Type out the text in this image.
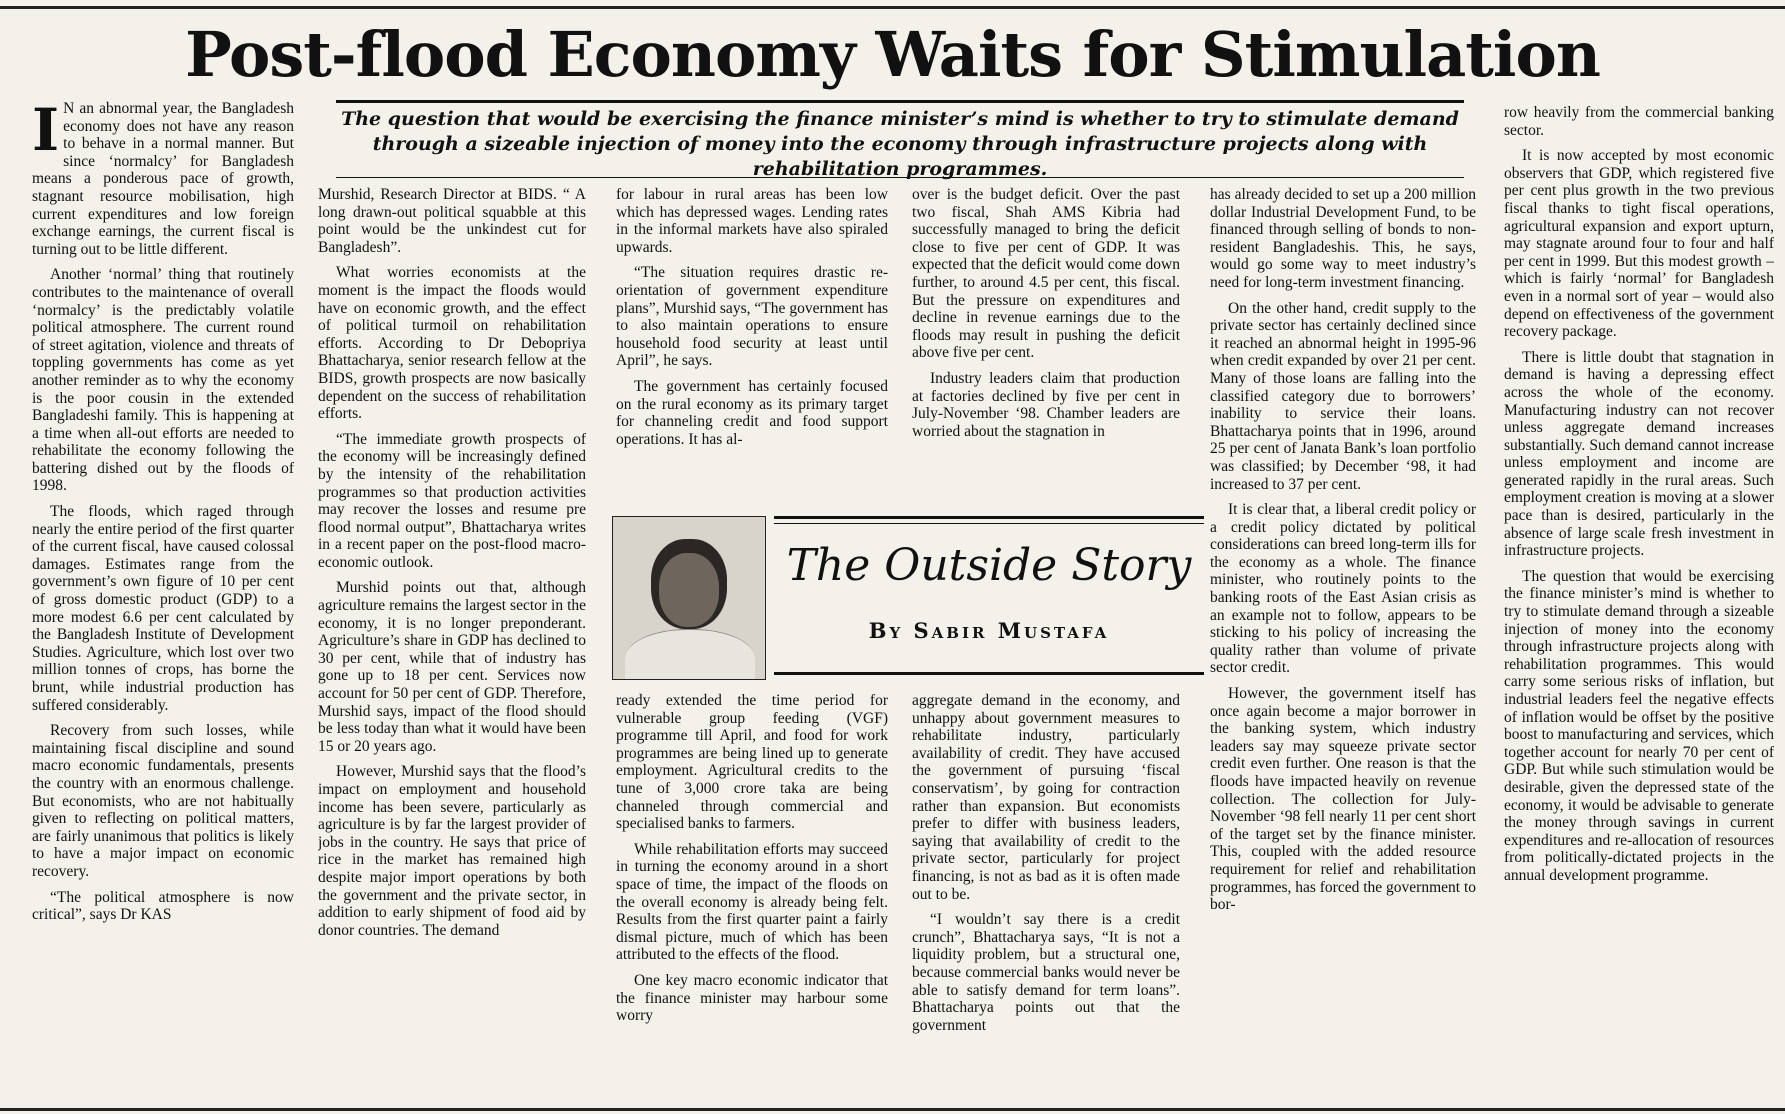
Post-flood Economy Waits for Stimulation

I N an abnormal year, the Bangladesh economy does not have any reason to behave in a normal manner. But since ‘normalcy’ for Bangladesh means a ponderous pace of growth, stagnant resource mobilisation, high current expenditures and low foreign exchange earnings, the current fiscal is turning out to be little different.

Another ‘normal’ thing that routinely contributes to the maintenance of overall ‘normalcy’ is the predictably volatile political atmosphere. The current round of street agitation, violence and threats of toppling governments has come as yet another reminder as to why the economy is the poor cousin in the extended Bangladeshi family. This is happening at a time when all-out efforts are needed to rehabilitate the economy following the battering dished out by the floods of 1998.

The floods, which raged through nearly the entire period of the first quarter of the current fiscal, have caused colossal damages. Estimates range from the government’s own figure of 10 per cent of gross domestic product (GDP) to a more modest 6.6 per cent calculated by the Bangladesh Institute of Development Studies. Agriculture, which lost over two million tonnes of crops, has borne the brunt, while industrial production has suffered considerably.

Recovery from such losses, while maintaining fiscal discipline and sound macro economic fundamentals, presents the country with an enormous challenge. But economists, who are not habitually given to reflecting on political matters, are fairly unanimous that politics is likely to have a major impact on economic recovery.

“The political atmosphere is now critical”, says Dr KAS

The question that would be exercising the finance minister’s mind is whether to try to stimulate demand through a sizeable injection of money into the economy through infrastructure projects along with rehabilitation programmes.

Murshid, Research Director at BIDS. “ A long drawn-out political squabble at this point would be the unkindest cut for Bangladesh”.

What worries economists at the moment is the impact the floods would have on economic growth, and the effect of political turmoil on rehabilitation efforts. According to Dr Debopriya Bhattacharya, senior research fellow at the BIDS, growth prospects are now basically dependent on the success of rehabilitation efforts.

“The immediate growth prospects of the economy will be increasingly defined by the intensity of the rehabilitation programmes so that production activities may recover the losses and resume pre flood normal output”, Bhattacharya writes in a recent paper on the post-flood macro-economic outlook.

Murshid points out that, although agriculture remains the largest sector in the economy, it is no longer preponderant. Agriculture’s share in GDP has declined to 30 per cent, while that of industry has gone up to 18 per cent. Services now account for 50 per cent of GDP. Therefore, Murshid says, impact of the flood should be less today than what it would have been 15 or 20 years ago.

However, Murshid says that the flood’s impact on employment and household income has been severe, particularly as agriculture is by far the largest provider of jobs in the country. He says that price of rice in the market has remained high despite major import operations by both the government and the private sector, in addition to early shipment of food aid by donor countries. The demand

for labour in rural areas has been low which has depressed wages. Lending rates in the informal markets have also spiraled upwards.

“The situation requires drastic re-orientation of government expenditure plans”, Murshid says, “The government has to also maintain operations to ensure household food security at least until April”, he says.

The government has certainly focused on the rural economy as its primary target for channeling credit and food support operations. It has al-

over is the budget deficit. Over the past two fiscal, Shah AMS Kibria had successfully managed to bring the deficit close to five per cent of GDP. It was expected that the deficit would come down further, to around 4.5 per cent, this fiscal. But the pressure on expenditures and decline in revenue earnings due to the floods may result in pushing the deficit above five per cent.

Industry leaders claim that production at factories declined by five per cent in July-November ‘98. Chamber leaders are worried about the stagnation in

The Outside Story
By Sabir Mustafa

ready extended the time period for vulnerable group feeding (VGF) programme till April, and food for work programmes are being lined up to generate employment. Agricultural credits to the tune of 3,000 crore taka are being channeled through commercial and specialised banks to farmers.

While rehabilitation efforts may succeed in turning the economy around in a short space of time, the impact of the floods on the overall economy is already being felt. Results from the first quarter paint a fairly dismal picture, much of which has been attributed to the effects of the flood.

One key macro economic indicator that the finance minister may harbour some worry

aggregate demand in the economy, and unhappy about government measures to rehabilitate industry, particularly availability of credit. They have accused the government of pursuing ‘fiscal conservatism’, by going for contraction rather than expansion. But economists prefer to differ with business leaders, saying that availability of credit to the private sector, particularly for project financing, is not as bad as it is often made out to be.

“I wouldn’t say there is a credit crunch”, Bhattacharya says, “It is not a liquidity problem, but a structural one, because commercial banks would never be able to satisfy demand for term loans”. Bhattacharya points out that the government

has already decided to set up a 200 million dollar Industrial Development Fund, to be financed through selling of bonds to non-resident Bangladeshis. This, he says, would go some way to meet industry’s need for long-term investment financing.

On the other hand, credit supply to the private sector has certainly declined since it reached an abnormal height in 1995-96 when credit expanded by over 21 per cent. Many of those loans are falling into the classified category due to borrowers’ inability to service their loans. Bhattacharya points that in 1996, around 25 per cent of Janata Bank’s loan portfolio was classified; by December ‘98, it had increased to 37 per cent.

It is clear that, a liberal credit policy or a credit policy dictated by political considerations can breed long-term ills for the economy as a whole. The finance minister, who routinely points to the banking roots of the East Asian crisis as an example not to follow, appears to be sticking to his policy of increasing the quality rather than volume of private sector credit.

However, the government itself has once again become a major borrower in the banking system, which industry leaders say may squeeze private sector credit even further. One reason is that the floods have impacted heavily on revenue collection. The collection for July-November ‘98 fell nearly 11 per cent short of the target set by the finance minister. This, coupled with the added resource requirement for relief and rehabilitation programmes, has forced the government to bor-

row heavily from the commercial banking sector.

It is now accepted by most economic observers that GDP, which registered five per cent plus growth in the two previous fiscal thanks to tight fiscal operations, agricultural expansion and export upturn, may stagnate around four to four and half per cent in 1999. But this modest growth – which is fairly ‘normal’ for Bangladesh even in a normal sort of year – would also depend on effectiveness of the government recovery package.

There is little doubt that stagnation in demand is having a depressing effect across the whole of the economy. Manufacturing industry can not recover unless aggregate demand increases substantially. Such demand cannot increase unless employment and income are generated rapidly in the rural areas. Such employment creation is moving at a slower pace than is desired, particularly in the absence of large scale fresh investment in infrastructure projects.

The question that would be exercising the finance minister’s mind is whether to try to stimulate demand through a sizeable injection of money into the economy through infrastructure projects along with rehabilitation programmes. This would carry some serious risks of inflation, but industrial leaders feel the negative effects of inflation would be offset by the positive boost to manufacturing and services, which together account for nearly 70 per cent of GDP. But while such stimulation would be desirable, given the depressed state of the economy, it would be advisable to generate the money through savings in current expenditures and re-allocation of resources from politically-dictated projects in the annual development programme.
